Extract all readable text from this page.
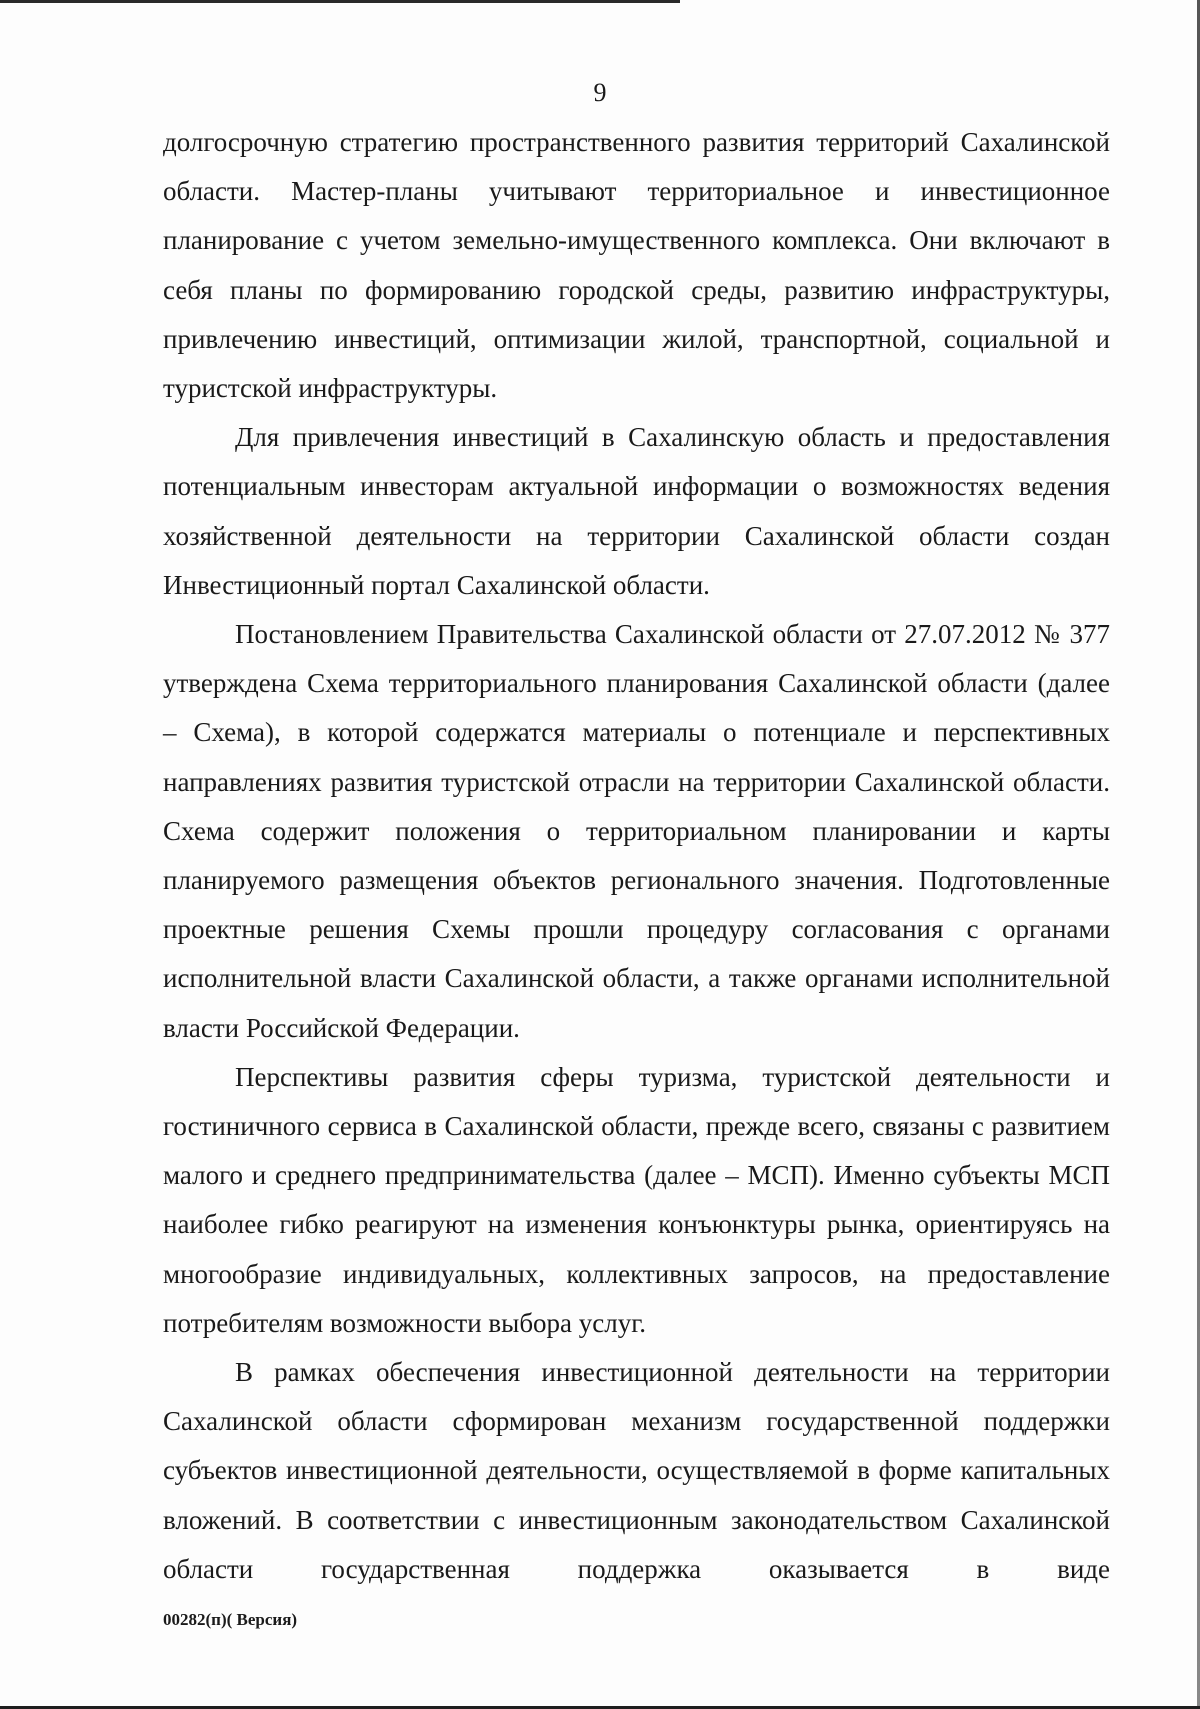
9

долгосрочную стратегию пространственного развития территорий Сахалинской области. Мастер-планы учитывают территориальное и инвестиционное планирование с учетом земельно-имущественного комплекса. Они включают в себя планы по формированию городской среды, развитию инфраструктуры, привлечению инвестиций, оптимизации жилой, транспортной, социальной и туристской инфраструктуры.

Для привлечения инвестиций в Сахалинскую область и предоставления потенциальным инвесторам актуальной информации о возможностях ведения хозяйственной деятельности на территории Сахалинской области создан Инвестиционный портал Сахалинской области.

Постановлением Правительства Сахалинской области от 27.07.2012 № 377 утверждена Схема территориального планирования Сахалинской области (далее – Схема), в которой содержатся материалы о потенциале и перспективных направлениях развития туристской отрасли на территории Сахалинской области. Схема содержит положения о территориальном планировании и карты планируемого размещения объектов регионального значения. Подготовленные проектные решения Схемы прошли процедуру согласования с органами исполнительной власти Сахалинской области, а также органами исполнительной власти Российской Федерации.

Перспективы развития сферы туризма, туристской деятельности и гостиничного сервиса в Сахалинской области, прежде всего, связаны с развитием малого и среднего предпринимательства (далее – МСП). Именно субъекты МСП наиболее гибко реагируют на изменения конъюнктуры рынка, ориентируясь на многообразие индивидуальных, коллективных запросов, на предоставление потребителям возможности выбора услуг.

В рамках обеспечения инвестиционной деятельности на территории Сахалинской области сформирован механизм государственной поддержки субъектов инвестиционной деятельности, осуществляемой в форме капитальных вложений. В соответствии с инвестиционным законодательством Сахалинской области государственная поддержка оказывается в виде

00282(п)( Версия)
